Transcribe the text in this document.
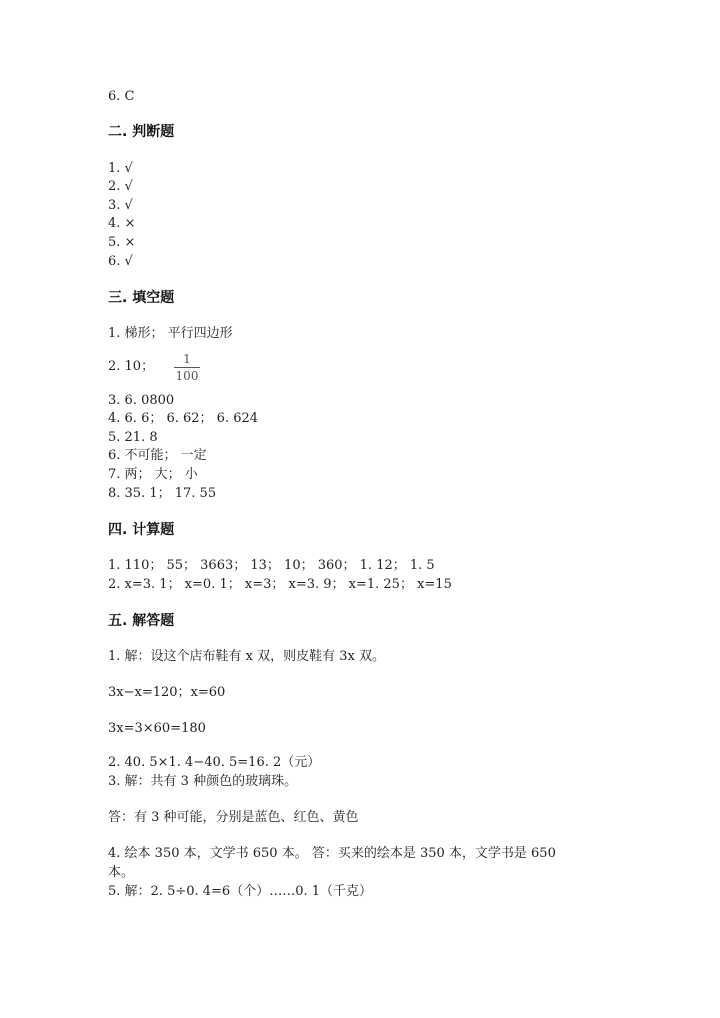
6. C
二. 判断题
1. √
2. √
3. √
4. ×
5. ×
6. √
三. 填空题
1. 梯形； 平行四边形
2. 10；	1
100
3. 6. 0800
4. 6. 6； 6. 62； 6. 624
5. 21. 8
6. 不可能； 一定
7. 两； 大； 小
8. 35. 1； 17. 55
四. 计算题
1. 110； 55； 3663； 13； 10； 360； 1. 12； 1. 5
2. x=3. 1； x=0. 1； x=3； x=3. 9； x=1. 25； x=15
五. 解答题
1. 解：设这个店布鞋有 x 双，则皮鞋有 3x 双。
3x−x=120；x=60
3x=3×60=180
2. 40. 5×1. 4−40. 5=16. 2（元）
3. 解：共有 3 种颜色的玻璃珠。
答：有 3 种可能，分别是蓝色、红色、黄色
4. 绘本 350 本，文学书 650 本。 答：买来的绘本是 350 本，文学书是 650
本。
5. 解：2. 5÷0. 4=6（个）……0. 1（千克）
